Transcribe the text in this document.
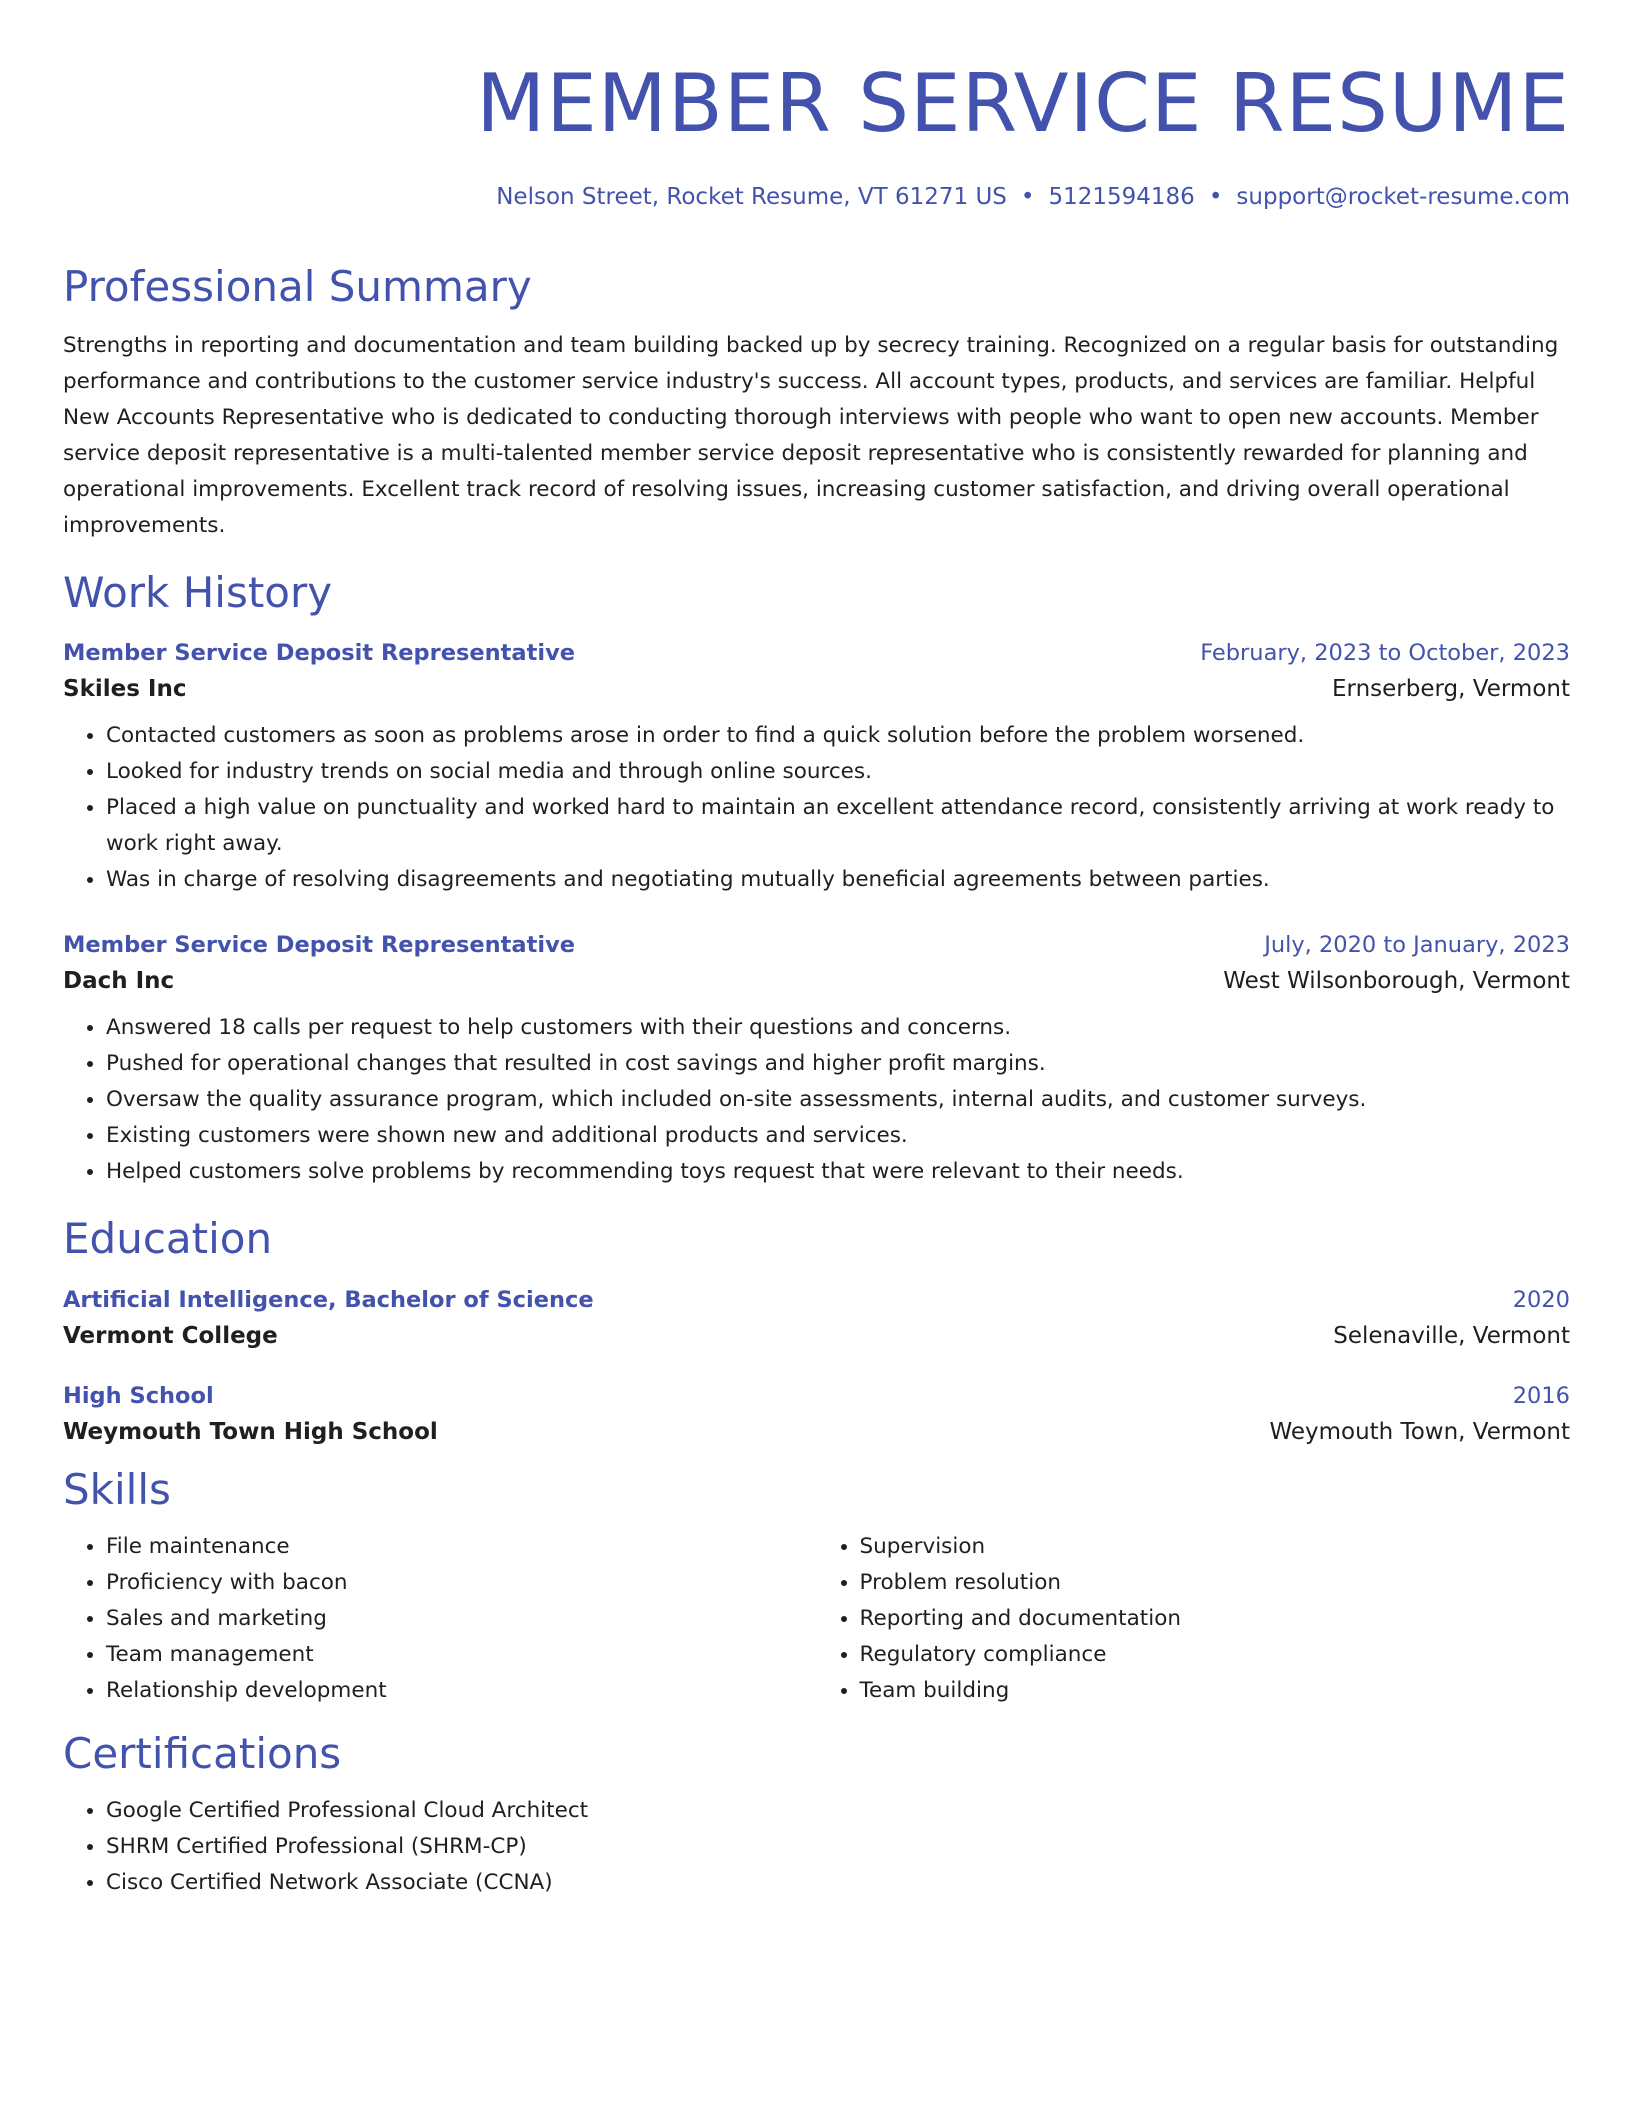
MEMBER SERVICE RESUME
Nelson Street, Rocket Resume, VT 61271 US • 5121594186 • support@rocket-resume.com
Professional Summary
Strengths in reporting and documentation and team building backed up by secrecy training. Recognized on a regular basis for outstanding performance and contributions to the customer service industry's success. All account types, products, and services are familiar. Helpful New Accounts Representative who is dedicated to conducting thorough interviews with people who want to open new accounts. Member service deposit representative is a multi-talented member service deposit representative who is consistently rewarded for planning and operational improvements. Excellent track record of resolving issues, increasing customer satisfaction, and driving overall operational improvements.
Work History
Member Service Deposit Representative	February, 2023 to October, 2023
Skiles Inc	Ernserberg, Vermont
• Contacted customers as soon as problems arose in order to find a quick solution before the problem worsened.
• Looked for industry trends on social media and through online sources.
• Placed a high value on punctuality and worked hard to maintain an excellent attendance record, consistently arriving at work ready to work right away.
• Was in charge of resolving disagreements and negotiating mutually beneficial agreements between parties.
Member Service Deposit Representative	July, 2020 to January, 2023
Dach Inc	West Wilsonborough, Vermont
• Answered 18 calls per request to help customers with their questions and concerns.
• Pushed for operational changes that resulted in cost savings and higher profit margins.
• Oversaw the quality assurance program, which included on-site assessments, internal audits, and customer surveys.
• Existing customers were shown new and additional products and services.
• Helped customers solve problems by recommending toys request that were relevant to their needs.
Education
Artificial Intelligence, Bachelor of Science	2020
Vermont College	Selenaville, Vermont
High School	2016
Weymouth Town High School	Weymouth Town, Vermont
Skills
• File maintenance
• Proficiency with bacon
• Sales and marketing
• Team management
• Relationship development
• Supervision
• Problem resolution
• Reporting and documentation
• Regulatory compliance
• Team building
Certifications
• Google Certified Professional Cloud Architect
• SHRM Certified Professional (SHRM-CP)
• Cisco Certified Network Associate (CCNA)
